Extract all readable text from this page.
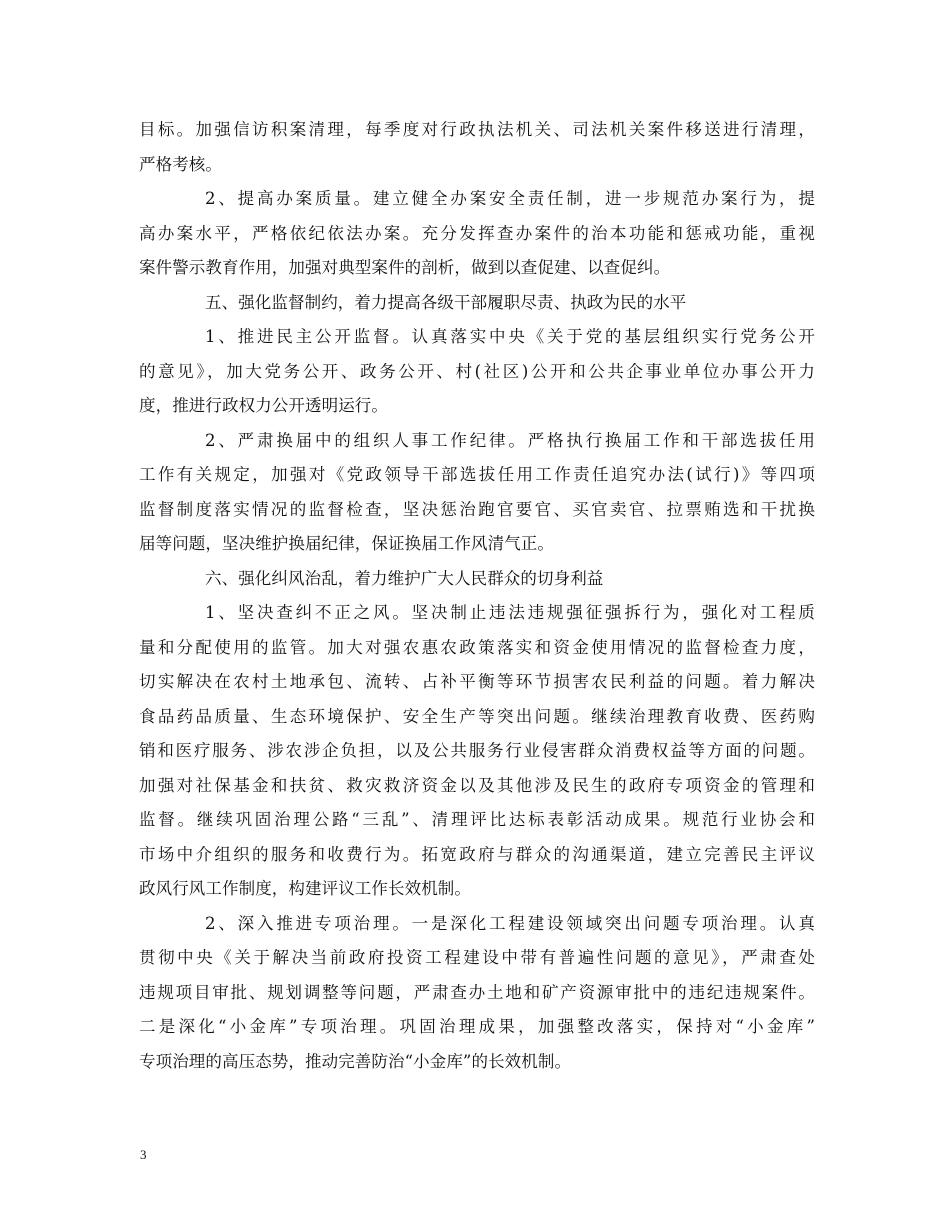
目标。加强信访积案清理，每季度对行政执法机关、司法机关案件移送进行清理，
严格考核。
2、提高办案质量。建立健全办案安全责任制，进一步规范办案行为，提
高办案水平，严格依纪依法办案。充分发挥查办案件的治本功能和惩戒功能，重视
案件警示教育作用，加强对典型案件的剖析，做到以查促建、以查促纠。
五、强化监督制约，着力提高各级干部履职尽责、执政为民的水平
1、推进民主公开监督。认真落实中央《关于党的基层组织实行党务公开
的意见》，加大党务公开、政务公开、村(社区)公开和公共企事业单位办事公开力
度，推进行政权力公开透明运行。
2、严肃换届中的组织人事工作纪律。严格执行换届工作和干部选拔任用
工作有关规定，加强对《党政领导干部选拔任用工作责任追究办法(试行)》等四项
监督制度落实情况的监督检查，坚决惩治跑官要官、买官卖官、拉票贿选和干扰换
届等问题，坚决维护换届纪律，保证换届工作风清气正。
六、强化纠风治乱，着力维护广大人民群众的切身利益
1、坚决查纠不正之风。坚决制止违法违规强征强拆行为，强化对工程质
量和分配使用的监管。加大对强农惠农政策落实和资金使用情况的监督检查力度，
切实解决在农村土地承包、流转、占补平衡等环节损害农民利益的问题。着力解决
食品药品质量、生态环境保护、安全生产等突出问题。继续治理教育收费、医药购
销和医疗服务、涉农涉企负担，以及公共服务行业侵害群众消费权益等方面的问题。
加强对社保基金和扶贫、救灾救济资金以及其他涉及民生的政府专项资金的管理和
监督。继续巩固治理公路“三乱”、清理评比达标表彰活动成果。规范行业协会和
市场中介组织的服务和收费行为。拓宽政府与群众的沟通渠道，建立完善民主评议
政风行风工作制度，构建评议工作长效机制。
2、深入推进专项治理。一是深化工程建设领域突出问题专项治理。认真
贯彻中央《关于解决当前政府投资工程建设中带有普遍性问题的意见》，严肃查处
违规项目审批、规划调整等问题，严肃查办土地和矿产资源审批中的违纪违规案件。
二是深化“小金库”专项治理。巩固治理成果，加强整改落实，保持对“小金库”
专项治理的高压态势，推动完善防治“小金库”的长效机制。
3
